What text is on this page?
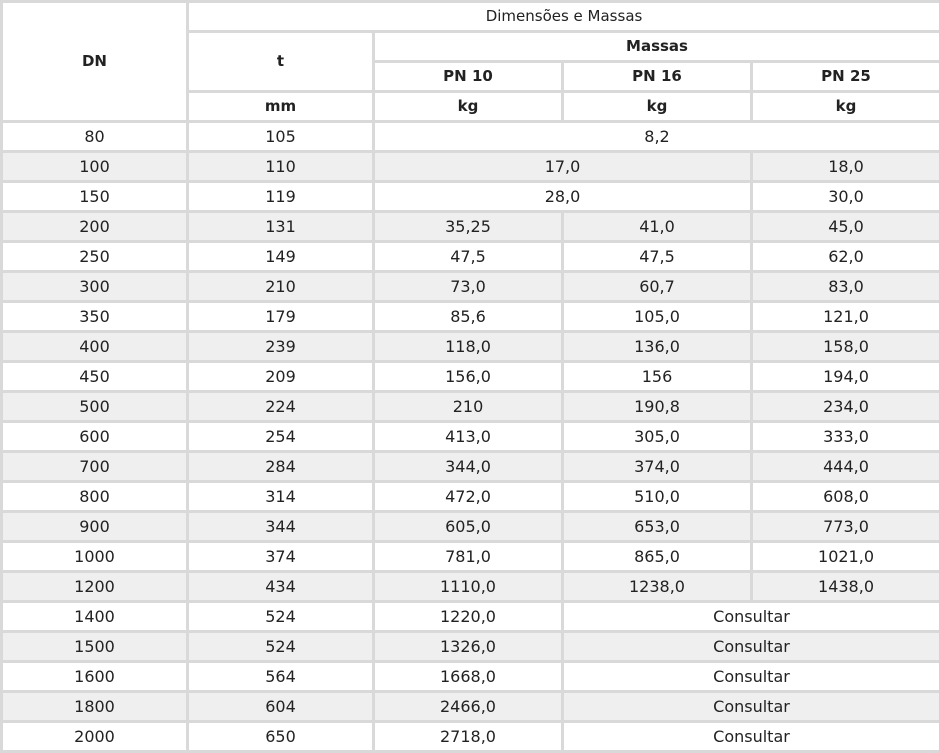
DN	Dimensões e Massas			
	t	Massas		
		PN 10	PN 16	PN 25
	mm	kg	kg	kg
80	105	8,2		
100	110	17,0		18,0
150	119	28,0		30,0
200	131	35,25	41,0	45,0
250	149	47,5	47,5	62,0
300	210	73,0	60,7	83,0
350	179	85,6	105,0	121,0
400	239	118,0	136,0	158,0
450	209	156,0	156	194,0
500	224	210	190,8	234,0
600	254	413,0	305,0	333,0
700	284	344,0	374,0	444,0
800	314	472,0	510,0	608,0
900	344	605,0	653,0	773,0
1000	374	781,0	865,0	1021,0
1200	434	1110,0	1238,0	1438,0
1400	524	1220,0	Consultar	
1500	524	1326,0	Consultar	
1600	564	1668,0	Consultar	
1800	604	2466,0	Consultar	
2000	650	2718,0	Consultar	
